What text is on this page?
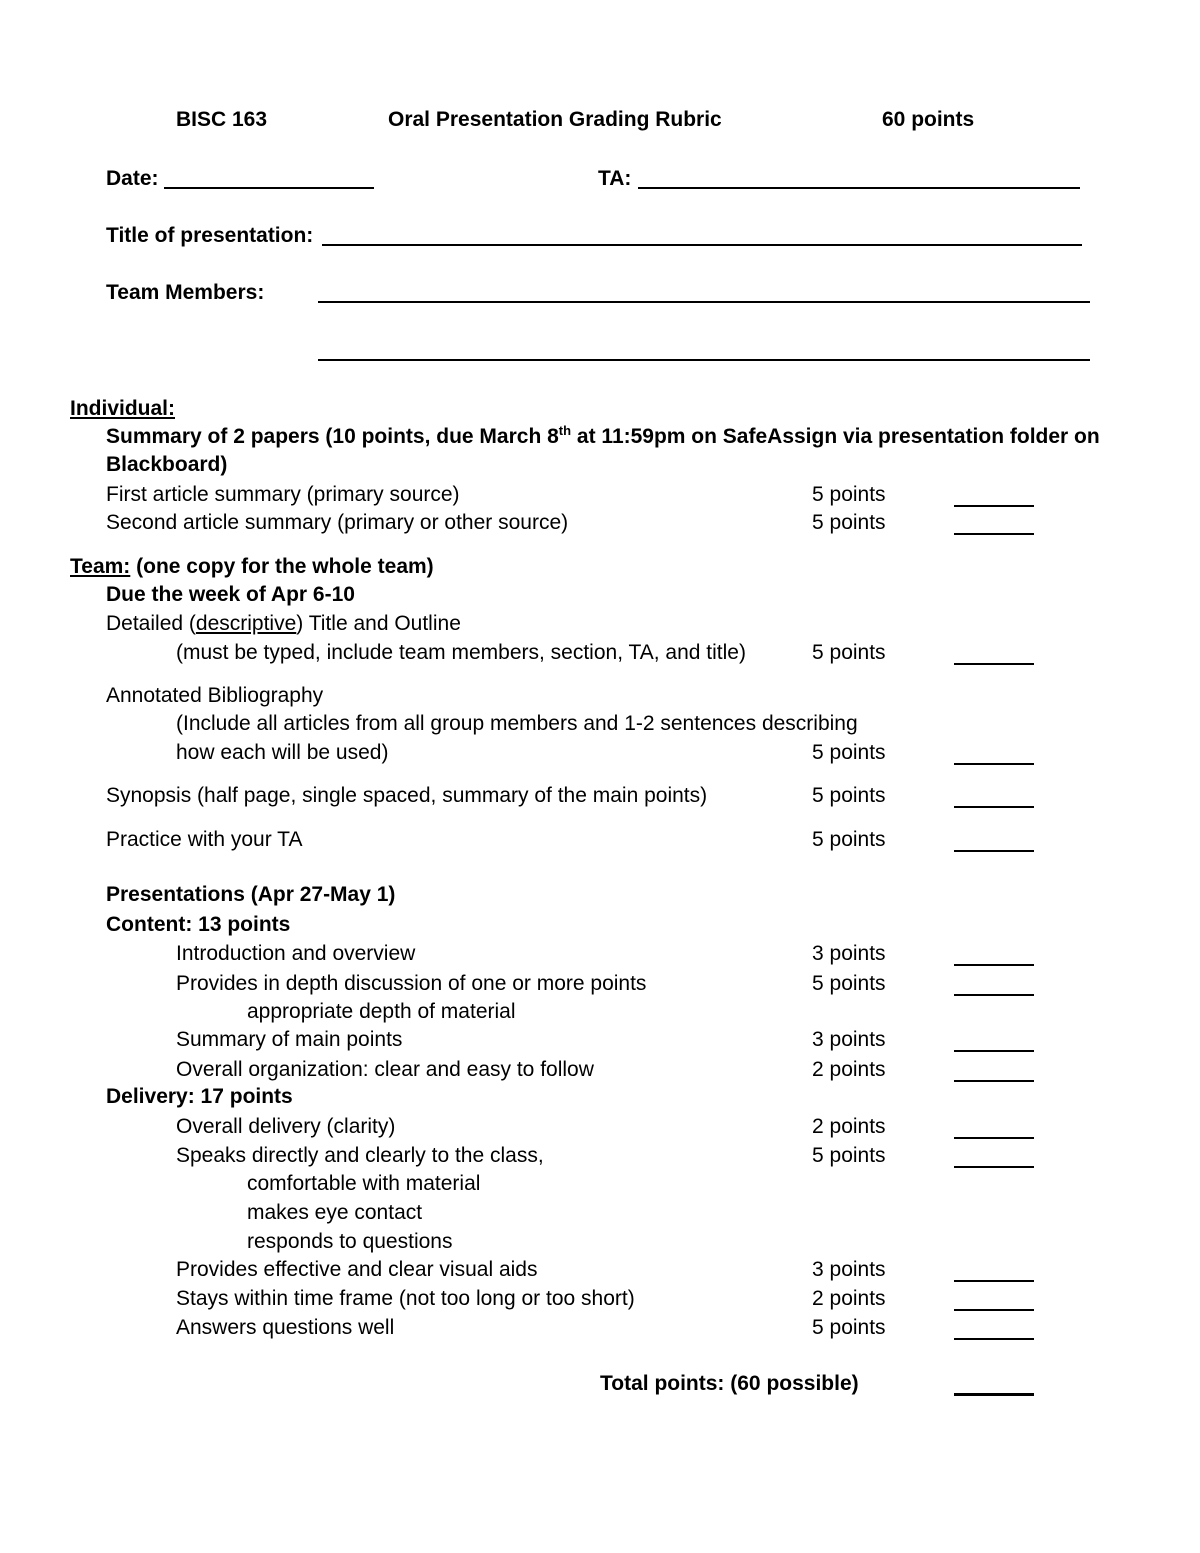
BISC 163	Oral Presentation Grading Rubric	60 points
Date:	TA:
Title of presentation:
Team Members:
Individual:
Summary of 2 papers (10 points, due March 8th at 11:59pm on SafeAssign via presentation folder on
Blackboard)
First article summary (primary source)	5 points
Second article summary (primary or other source)	5 points
Team: (one copy for the whole team)
Due the week of Apr 6-10
Detailed (descriptive) Title and Outline
(must be typed, include team members, section, TA, and title)	5 points
Annotated Bibliography
(Include all articles from all group members and 1-2 sentences describing
how each will be used)	5 points
Synopsis (half page, single spaced, summary of the main points)	5 points
Practice with your TA	5 points
Presentations (Apr 27-May 1)
Content: 13 points
Introduction and overview	3 points
Provides in depth discussion of one or more points	5 points
appropriate depth of material
Summary of main points	3 points
Overall organization: clear and easy to follow	2 points
Delivery: 17 points
Overall delivery (clarity)	2 points
Speaks directly and clearly to the class,	5 points
comfortable with material
makes eye contact
responds to questions
Provides effective and clear visual aids	3 points
Stays within time frame (not too long or too short)	2 points
Answers questions well	5 points
Total points: (60 possible)
